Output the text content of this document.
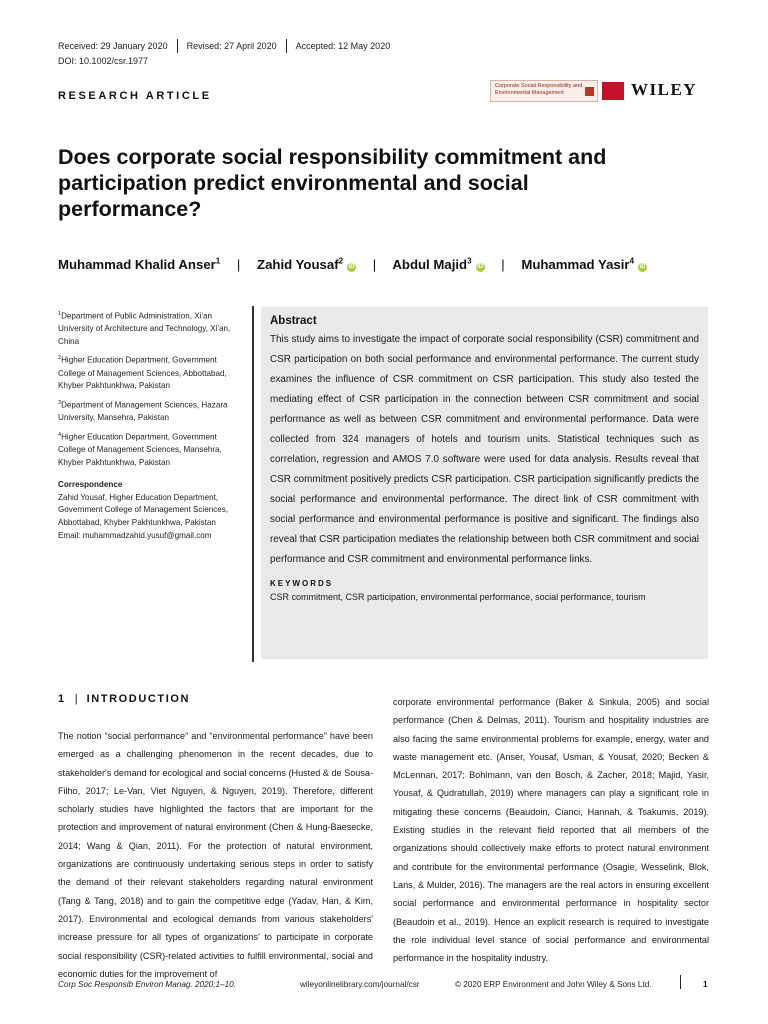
Received: 29 January 2020 Revised: 27 April 2020 Accepted: 12 May 2020
DOI: 10.1002/csr.1977
RESEARCH ARTICLE
Corporate Social Responsibility and Environmental Management	WILEY
Does corporate social responsibility commitment and participation predict environmental and social performance?
Muhammad Khalid Anser$^1$ | Zahid Yousaf$^2$iD | Abdul Majid$^3$iD | Muhammad Yasir$^4$iD

$^1$Department of Public Administration, Xi'an University of Architecture and Technology, Xi'an, China

$^2$Higher Education Department, Government College of Management Sciences, Abbottabad, Khyber Pakhtunkhwa, Pakistan

$^3$Department of Management Sciences, Hazara University, Mansehra, Pakistan

$^4$Higher Education Department, Government College of Management Sciences, Mansehra, Khyber Pakhtunkhwa, Pakistan

Correspondence

Zahid Yousaf, Higher Education Department, Government College of Management Sciences, Abbottabad, Khyber Pakhtunkhwa, Pakistan

Email: muhammadzahid.yusuf@gmail.com

Abstract

This study aims to investigate the impact of corporate social responsibility (CSR) commitment and CSR participation on both social performance and environmental performance. The current study examines the influence of CSR commitment on CSR participation. This study also tested the mediating effect of CSR participation in the connection between CSR commitment and social performance as well as between CSR commitment and environmental performance. Data were collected from 324 managers of hotels and tourism units. Statistical techniques such as correlation, regression and AMOS 7.0 software were used for data analysis. Results reveal that CSR commitment positively predicts CSR participation. CSR participation significantly predicts the social performance and environmental performance. The direct link of CSR commitment with social performance and environmental performance is positive and significant. The findings also reveal that CSR participation mediates the relationship between both CSR commitment and social performance and CSR commitment and environmental performance links.

KEYWORDS

CSR commitment, CSR participation, environmental performance, social performance, tourism

1 | INTRODUCTION

The notion “social performance” and “environmental performance” have been emerged as a challenging phenomenon in the recent decades, due to stakeholder's demand for ecological and social concerns (Husted & de Sousa-Filho, 2017; Le-Van, Viet Nguyen, & Nguyen, 2019). Therefore, different scholarly studies have highlighted the factors that are important for the protection and improvement of natural environment (Chen & Hung-Baesecke, 2014; Wang & Qian, 2011). For the protection of natural environment, organizations are continuously undertaking serious steps in order to satisfy the demand of their relevant stakeholders regarding natural environment (Tang & Tang, 2018) and to gain the competitive edge (Yadav, Han, & Kim, 2017). Environmental and ecological demands from various stakeholders' increase pressure for all types of organizations' to participate in corporate social responsibility (CSR)-related activities to fulfill environmental, social and economic duties for the improvement of

corporate environmental performance (Baker & Sinkula, 2005) and social performance (Chen & Delmas, 2011). Tourism and hospitality industries are also facing the same environmental problems for example, energy, water and waste management etc. (Anser, Yousaf, Usman, & Yousaf, 2020; Becken & McLennan, 2017; Bohlmann, van den Bosch, & Zacher, 2018; Majid, Yasir, Yousaf, & Qudratullah, 2019) where managers can play a significant role in mitigating these concerns (Beaudoin, Cianci, Hannah, & Tsakumis, 2019). Existing studies in the relevant field reported that all members of the organizations should collectively make efforts to protect natural environment and contribute for the environmental performance (Osagie, Wesselink, Blok, Lans, & Mulder, 2016). The managers are the real actors in ensuring excellent social performance and environmental performance in hospitality sector (Beaudoin et al., 2019). Hence an explicit research is required to investigate the role individual level stance of social performance and environmental performance in the hospitality industry.

Corp Soc Responsib Environ Manag. 2020;1–10.	wileyonlinelibrary.com/journal/csr	© 2020 ERP Environment and John Wiley & Sons Ltd.	1
